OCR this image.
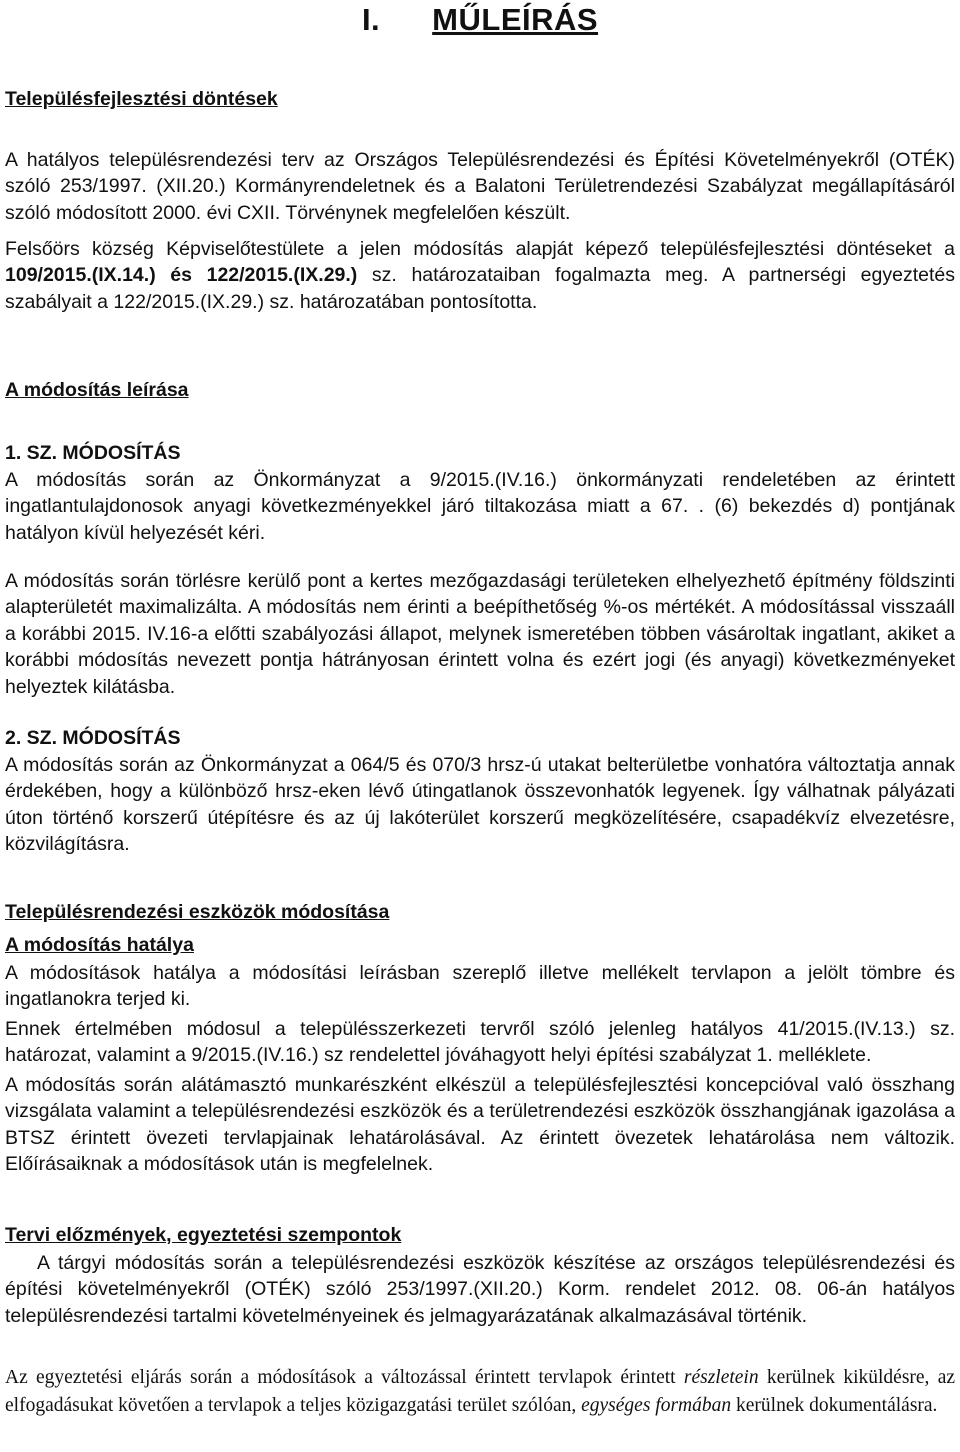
I. MŰLEÍRÁS
Településfejlesztési döntések

A hatályos településrendezési terv az Országos Településrendezési és Építési Követelményekről (OTÉK) szóló 253/1997. (XII.20.) Kormányrendeletnek és a Balatoni Területrendezési Szabályzat megállapításáról szóló módosított 2000. évi CXII. Törvénynek megfelelően készült.

Felsőörs község Képviselőtestülete a jelen módosítás alapját képező településfejlesztési döntéseket a 109/2015.(IX.14.) és 122/2015.(IX.29.) sz. határozataiban fogalmazta meg. A partnerségi egyeztetés szabályait a 122/2015.(IX.29.) sz. határozatában pontosította.

A módosítás leírása
1. SZ. MÓDOSÍTÁS

A módosítás során az Önkormányzat a 9/2015.(IV.16.) önkormányzati rendeletében az érintett ingatlantulajdonosok anyagi következményekkel járó tiltakozása miatt a 67. . (6) bekezdés d) pontjának hatályon kívül helyezését kéri.

A módosítás során törlésre kerülő pont a kertes mezőgazdasági területeken elhelyezhető építmény földszinti alapterületét maximalizálta. A módosítás nem érinti a beépíthetőség %-os mértékét. A módosítással visszaáll a korábbi 2015. IV.16-a előtti szabályozási állapot, melynek ismeretében többen vásároltak ingatlant, akiket a korábbi módosítás nevezett pontja hátrányosan érintett volna és ezért jogi (és anyagi) következményeket helyeztek kilátásba.

2. SZ. MÓDOSÍTÁS

A módosítás során az Önkormányzat a 064/5 és 070/3 hrsz-ú utakat belterületbe vonhatóra változtatja annak érdekében, hogy a különböző hrsz-eken lévő útingatlanok összevonhatók legyenek. Így válhatnak pályázati úton történő korszerű útépítésre és az új lakóterület korszerű megközelítésére, csapadékvíz elvezetésre, közvilágításra.

Településrendezési eszközök módosítása
A módosítás hatálya

A módosítások hatálya a módosítási leírásban szereplő illetve mellékelt tervlapon a jelölt tömbre és ingatlanokra terjed ki.

Ennek értelmében módosul a településszerkezeti tervről szóló jelenleg hatályos 41/2015.(IV.13.) sz. határozat, valamint a 9/2015.(IV.16.) sz rendelettel jóváhagyott helyi építési szabályzat 1. melléklete.

A módosítás során alátámasztó munkarészként elkészül a településfejlesztési koncepcióval való összhang vizsgálata valamint a településrendezési eszközök és a területrendezési eszközök összhangjának igazolása a BTSZ érintett övezeti tervlapjainak lehatárolásával. Az érintett övezetek lehatárolása nem változik. Előírásaiknak a módosítások után is megfelelnek.

Tervi előzmények, egyeztetési szempontok

A tárgyi módosítás során a településrendezési eszközök készítése az országos településrendezési és építési követelményekről (OTÉK) szóló 253/1997.(XII.20.) Korm. rendelet 2012. 08. 06-án hatályos településrendezési tartalmi követelményeinek és jelmagyarázatának alkalmazásával történik.

Az egyeztetési eljárás során a módosítások a változással érintett tervlapok érintett részletein kerülnek kiküldésre, az elfogadásukat követően a tervlapok a teljes közigazgatási terület szólóan, egységes formában kerülnek dokumentálásra.
